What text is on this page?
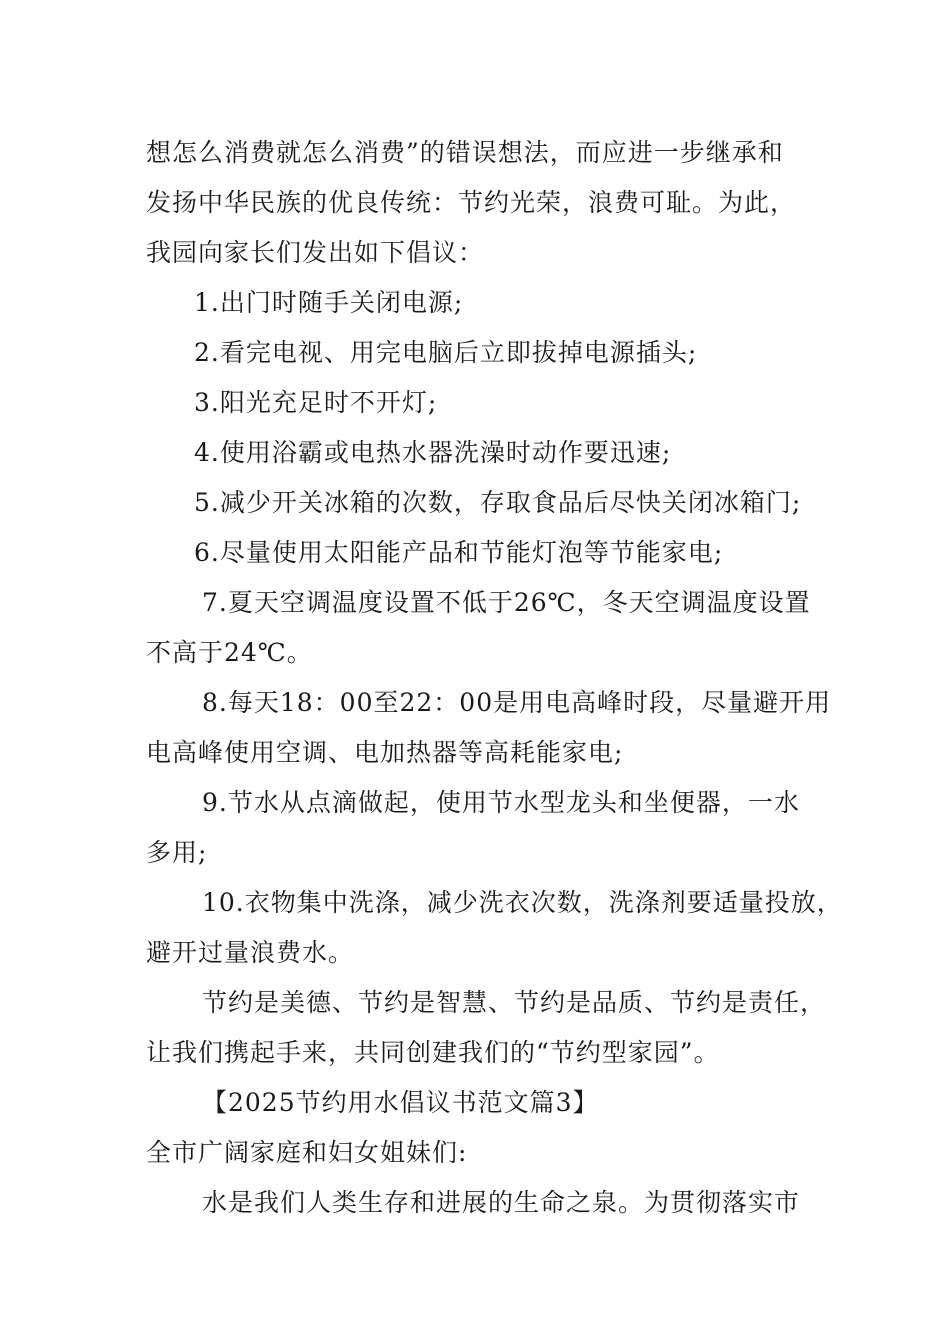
想怎么消费就怎么消费”的错误想法，而应进一步继承和
发扬中华民族的优良传统：节约光荣，浪费可耻。为此，
我园向家长们发出如下倡议：
1.出门时随手关闭电源;
2.看完电视、用完电脑后立即拔掉电源插头;
3.阳光充足时不开灯;
4.使用浴霸或电热水器洗澡时动作要迅速;
5.减少开关冰箱的次数，存取食品后尽快关闭冰箱门;
6.尽量使用太阳能产品和节能灯泡等节能家电;
7.夏天空调温度设置不低于26℃，冬天空调温度设置
不高于24℃。
8.每天18：00至22：00是用电高峰时段，尽量避开用
电高峰使用空调、电加热器等高耗能家电;
9.节水从点滴做起，使用节水型龙头和坐便器，一水
多用;
10.衣物集中洗涤，减少洗衣次数，洗涤剂要适量投放，
避开过量浪费水。
节约是美德、节约是智慧、节约是品质、节约是责任，
让我们携起手来，共同创建我们的“节约型家园”。
【2025节约用水倡议书范文篇3】
全市广阔家庭和妇女姐妹们:
水是我们人类生存和进展的生命之泉。为贯彻落实市
